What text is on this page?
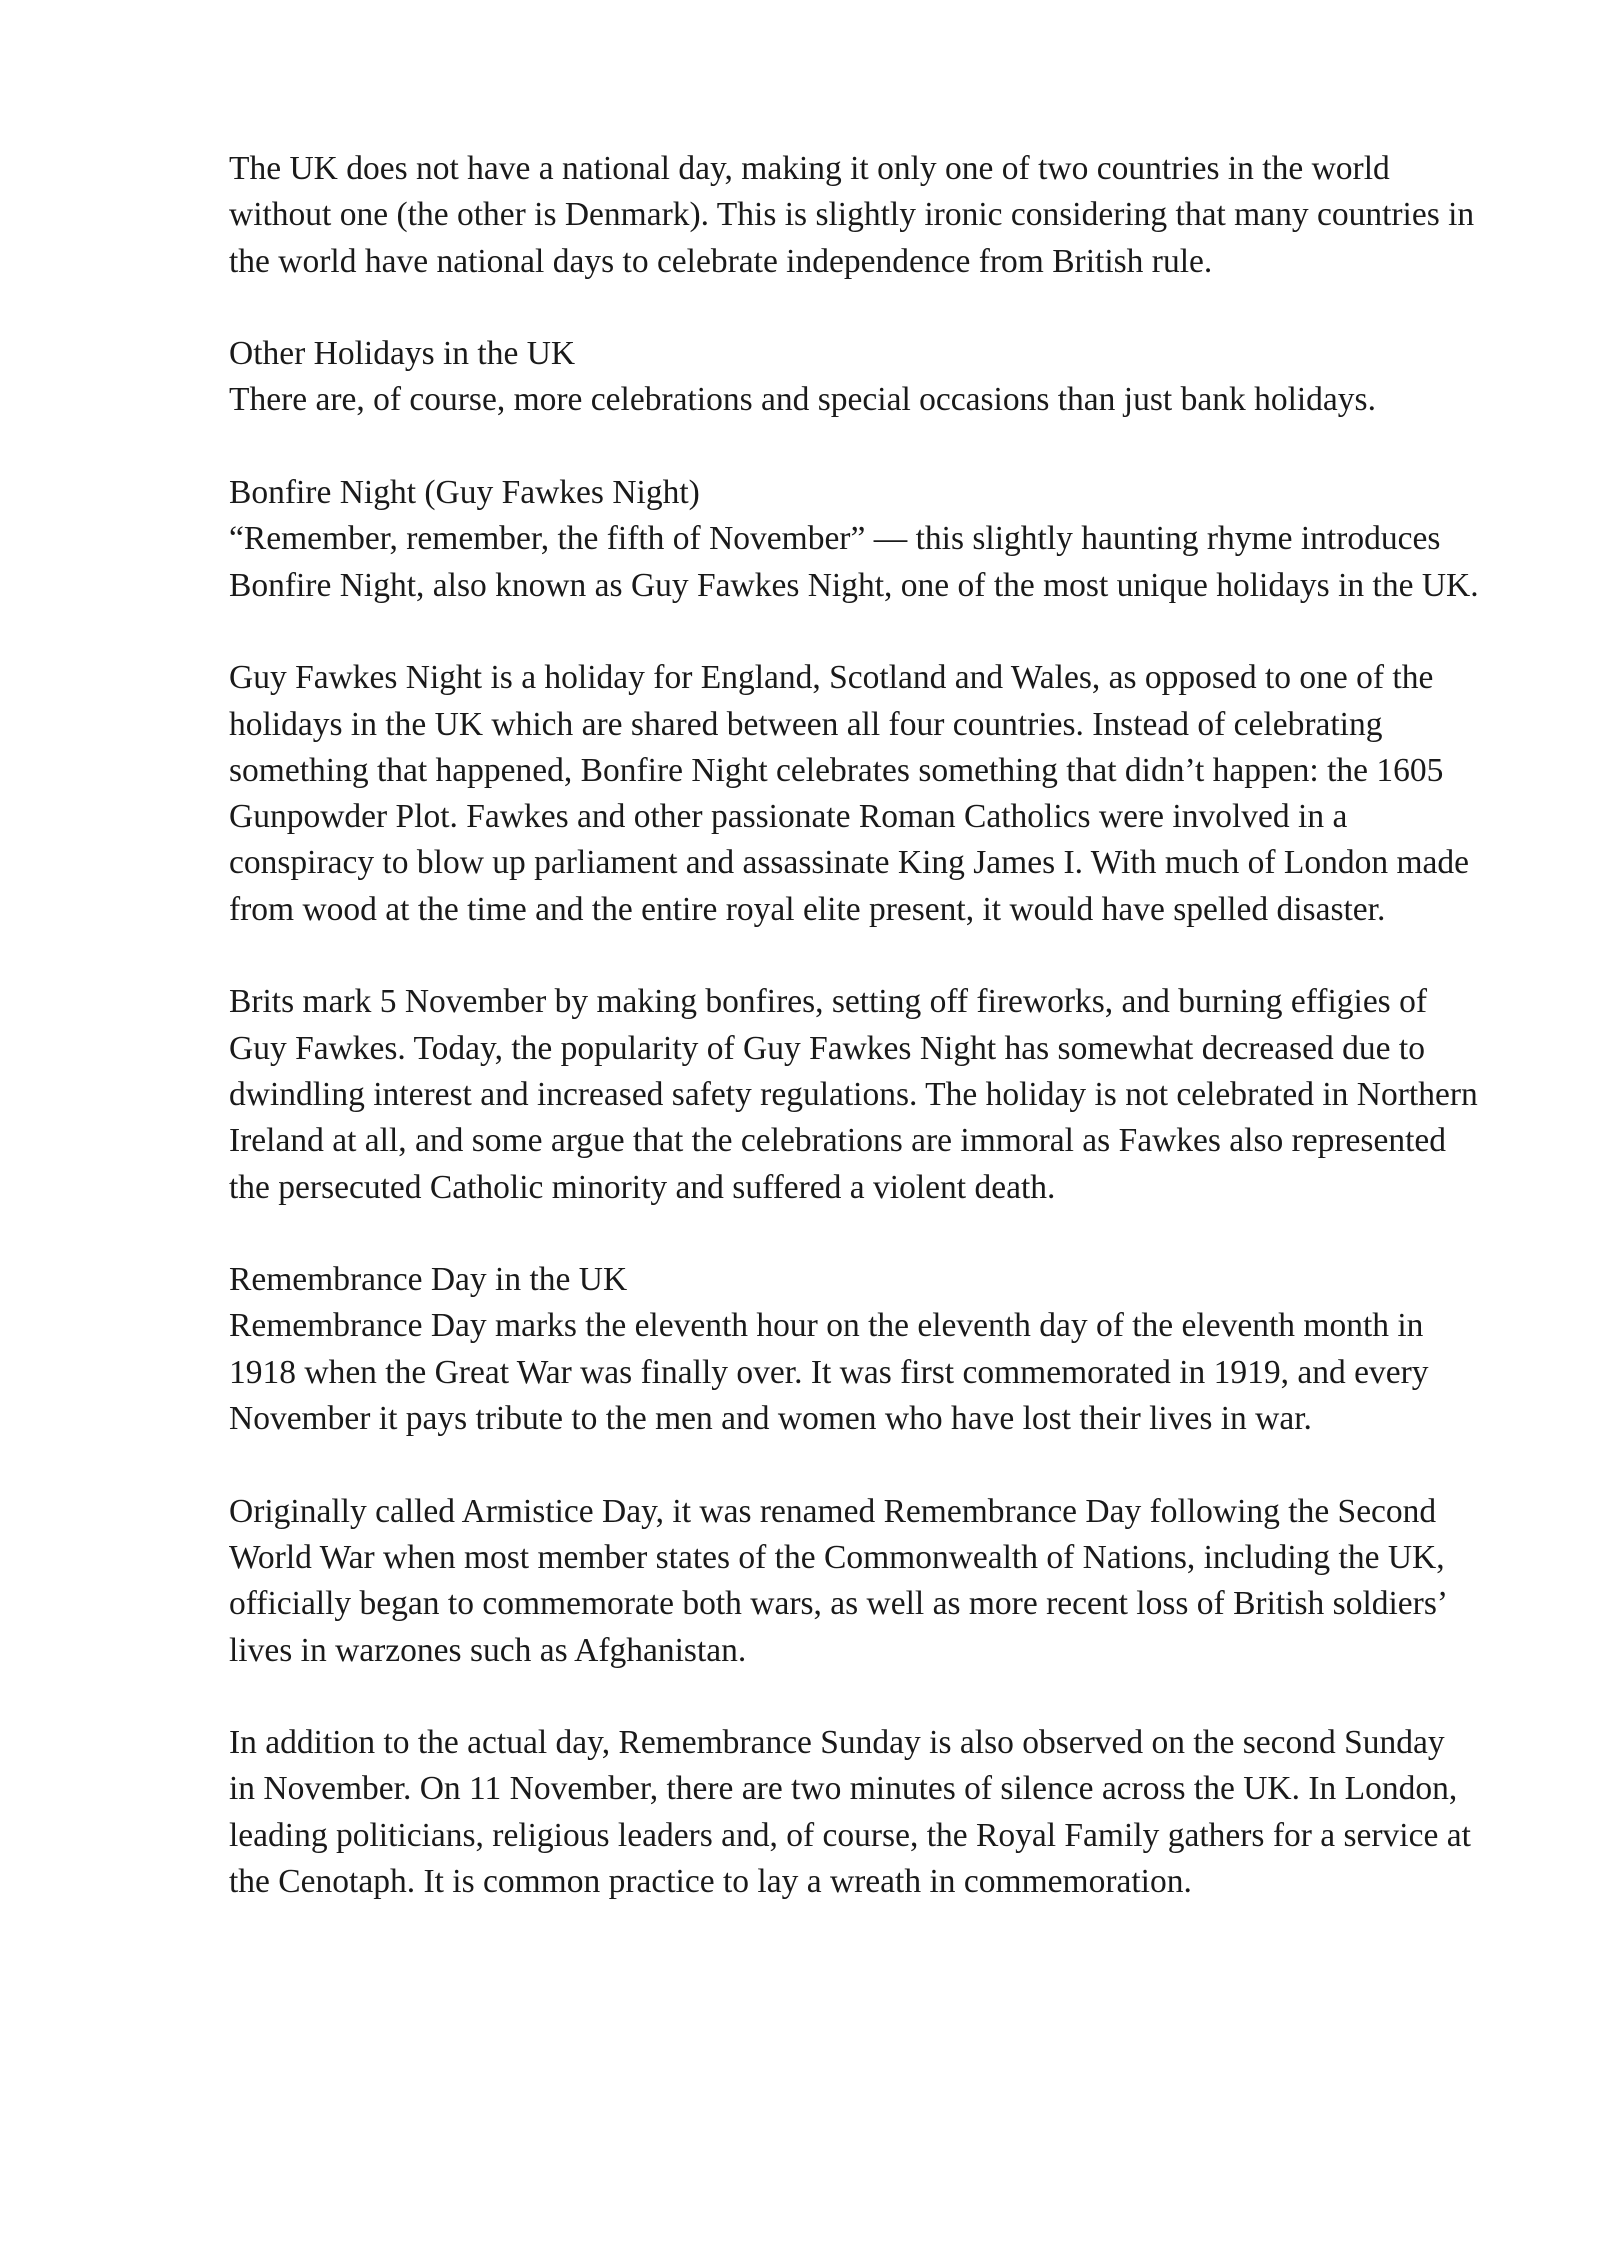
The UK does not have a national day, making it only one of two countries in the world without one (the other is Denmark). This is slightly ironic considering that many countries in the world have national days to celebrate independence from British rule.

Other Holidays in the UK

There are, of course, more celebrations and special occasions than just bank holidays.

Bonfire Night (Guy Fawkes Night)

“Remember, remember, the fifth of November” — this slightly haunting rhyme introduces Bonfire Night, also known as Guy Fawkes Night, one of the most unique holidays in the UK.

Guy Fawkes Night is a holiday for England, Scotland and Wales, as opposed to one of the holidays in the UK which are shared between all four countries. Instead of celebrating something that happened, Bonfire Night celebrates something that didn’t happen: the 1605 Gunpowder Plot. Fawkes and other passionate Roman Catholics were involved in a conspiracy to blow up parliament and assassinate King James I. With much of London made from wood at the time and the entire royal elite present, it would have spelled disaster.

Brits mark 5 November by making bonfires, setting off fireworks, and burning effigies of Guy Fawkes. Today, the popularity of Guy Fawkes Night has somewhat decreased due to dwindling interest and increased safety regulations. The holiday is not celebrated in Northern Ireland at all, and some argue that the celebrations are immoral as Fawkes also represented the persecuted Catholic minority and suffered a violent death.

Remembrance Day in the UK

Remembrance Day marks the eleventh hour on the eleventh day of the eleventh month in 1918 when the Great War was finally over. It was first commemorated in 1919, and every November it pays tribute to the men and women who have lost their lives in war.

Originally called Armistice Day, it was renamed Remembrance Day following the Second World War when most member states of the Commonwealth of Nations, including the UK, officially began to commemorate both wars, as well as more recent loss of British soldiers’ lives in warzones such as Afghanistan.

In addition to the actual day, Remembrance Sunday is also observed on the second Sunday in November. On 11 November, there are two minutes of silence across the UK. In London, leading politicians, religious leaders and, of course, the Royal Family gathers for a service at the Cenotaph. It is common practice to lay a wreath in commemoration.
